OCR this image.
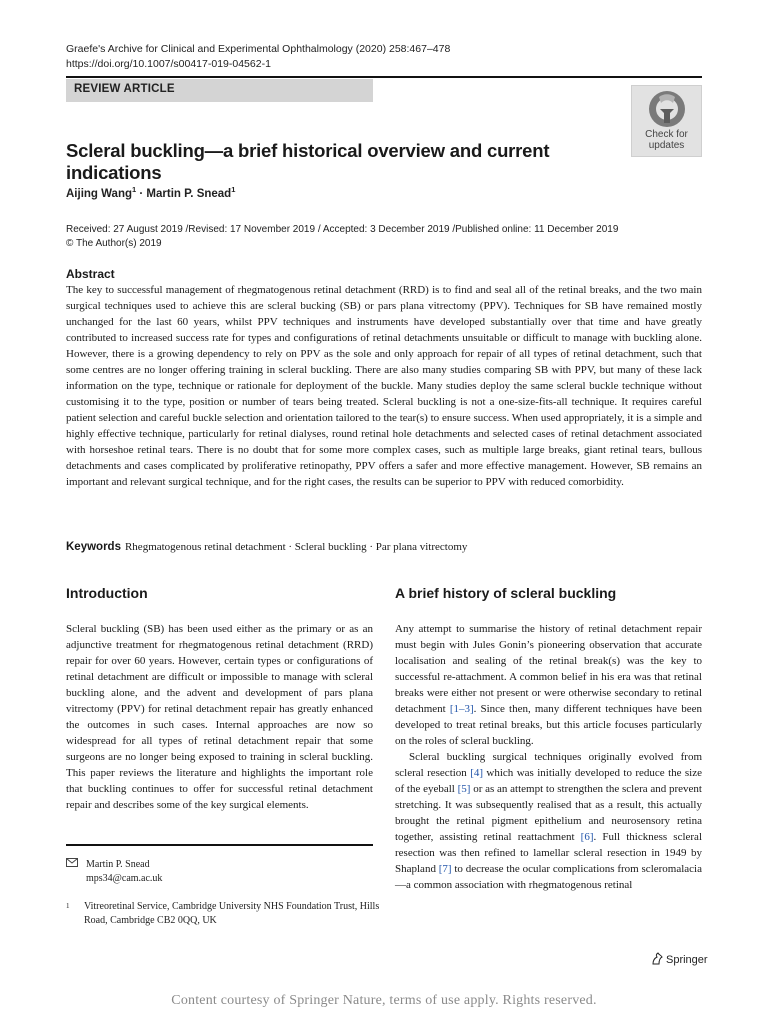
Graefe's Archive for Clinical and Experimental Ophthalmology (2020) 258:467–478
https://doi.org/10.1007/s00417-019-04562-1
REVIEW ARTICLE
Check for
updates
Scleral buckling—a brief historical overview and current indications
Aijing Wang$^1$ · Martin P. Snead$^1$
Received: 27 August 2019 /Revised: 17 November 2019 / Accepted: 3 December 2019 /Published online: 11 December 2019
© The Author(s) 2019
Abstract
The key to successful management of rhegmatogenous retinal detachment (RRD) is to find and seal all of the retinal breaks, and the two main surgical techniques used to achieve this are scleral bucking (SB) or pars plana vitrectomy (PPV). Techniques for SB have remained mostly unchanged for the last 60 years, whilst PPV techniques and instruments have developed substantially over that time and have greatly contributed to increased success rate for types and configurations of retinal detachments unsuitable or difficult to manage with buckling alone. However, there is a growing dependency to rely on PPV as the sole and only approach for repair of all types of retinal detachment, such that some centres are no longer offering training in scleral buckling. There are also many studies comparing SB with PPV, but many of these lack information on the type, technique or rationale for deployment of the buckle. Many studies deploy the same scleral buckle technique without customising it to the type, position or number of tears being treated. Scleral buckling is not a one-size-fits-all technique. It requires careful patient selection and careful buckle selection and orientation tailored to the tear(s) to ensure success. When used appropriately, it is a simple and highly effective technique, particularly for retinal dialyses, round retinal hole detachments and selected cases of retinal detachment associated with horseshoe retinal tears. There is no doubt that for some more complex cases, such as multiple large breaks, giant retinal tears, bullous detachments and cases complicated by proliferative retinopathy, PPV offers a safer and more effective management. However, SB remains an important and relevant surgical technique, and for the right cases, the results can be superior to PPV with reduced comorbidity.
Keywords Rhegmatogenous retinal detachment · Scleral buckling · Par plana vitrectomy
Introduction
Scleral buckling (SB) has been used either as the primary or as an adjunctive treatment for rhegmatogenous retinal detachment (RRD) repair for over 60 years. However, certain types or configurations of retinal detachment are difficult or impossible to manage with scleral buckling alone, and the advent and development of pars plana vitrectomy (PPV) for retinal detachment repair has greatly enhanced the outcomes in such cases. Internal approaches are now so widespread for all types of retinal detachment repair that some surgeons are no longer being exposed to training in scleral buckling. This paper reviews the literature and highlights the important role that buckling continues to offer for successful retinal detachment repair and describes some of the key surgical elements.
A brief history of scleral buckling

Any attempt to summarise the history of retinal detachment repair must begin with Jules Gonin’s pioneering observation that accurate localisation and sealing of the retinal break(s) was the key to successful re-attachment. A common belief in his era was that retinal breaks were either not present or were otherwise secondary to retinal detachment [1–3]. Since then, many different techniques have been developed to treat retinal breaks, but this article focuses particularly on the roles of scleral buckling.

Scleral buckling surgical techniques originally evolved from scleral resection [4] which was initially developed to reduce the size of the eyeball [5] or as an attempt to strengthen the sclera and prevent stretching. It was subsequently realised that as a result, this actually brought the retinal pigment epithelium and neurosensory retina together, assisting retinal reattachment [6]. Full thickness scleral resection was then refined to lamellar scleral resection in 1949 by Shapland [7] to decrease the ocular complications from scleromalacia—a common association with rhegmatogenous retinal

Martin P. Snead
mps34@cam.ac.uk
1 Vitreoretinal Service, Cambridge University NHS Foundation Trust, Hills Road, Cambridge CB2 0QQ, UK
Springer
Content courtesy of Springer Nature, terms of use apply. Rights reserved.
